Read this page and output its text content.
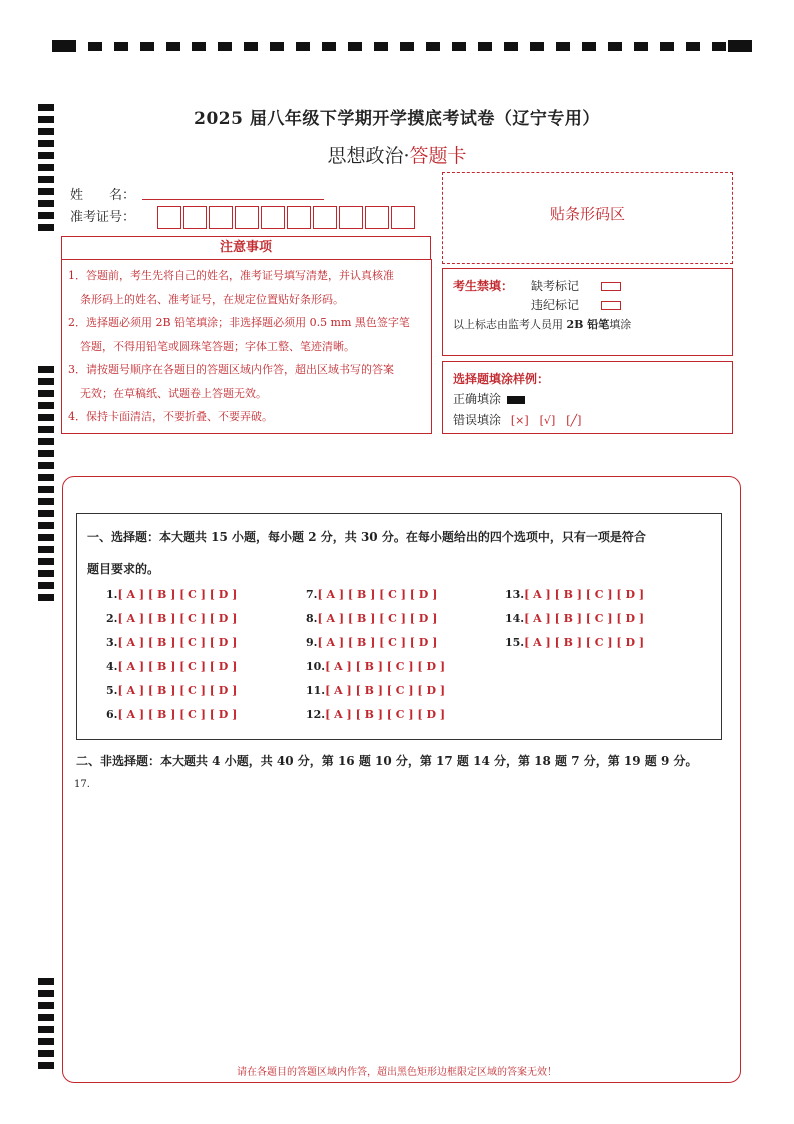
2025 届八年级下学期开学摸底考试卷（辽宁专用）
思想政治·答题卡
姓　　名：
准考证号：	贴条形码区
注意事项
1．答题前，考生先将自己的姓名，准考证号填写清楚，并认真核准
条形码上的姓名、准考证号，在规定位置贴好条形码。
2．选择题必须用 2B 铅笔填涂；非选择题必须用 0.5 mm 黑色签字笔
答题，不得用铅笔或圆珠笔答题；字体工整、笔迹清晰。
3．请按题号顺序在各题目的答题区域内作答，超出区域书写的答案
无效；在草稿纸、试题卷上答题无效。
4．保持卡面清洁，不要折叠、不要弄破。
考生禁填： 缺考标记
违纪标记
以上标志由监考人员用 2B 铅笔填涂
选择题填涂样例：
正确填涂
错误填涂 [×]　[√]　[╱]
一、选择题：本大题共 15 小题，每小题 2 分，共 30 分。在每小题给出的四个选项中，只有一项是符合
题目要求的。
1.[ A ] [ B ] [ C ] [ D ]
2.[ A ] [ B ] [ C ] [ D ]
3.[ A ] [ B ] [ C ] [ D ]
4.[ A ] [ B ] [ C ] [ D ]
5.[ A ] [ B ] [ C ] [ D ]
6.[ A ] [ B ] [ C ] [ D ]
7.[ A ] [ B ] [ C ] [ D ]
8.[ A ] [ B ] [ C ] [ D ]
9.[ A ] [ B ] [ C ] [ D ]
10.[ A ] [ B ] [ C ] [ D ]
11.[ A ] [ B ] [ C ] [ D ]
12.[ A ] [ B ] [ C ] [ D ]
13.[ A ] [ B ] [ C ] [ D ]
14.[ A ] [ B ] [ C ] [ D ]
15.[ A ] [ B ] [ C ] [ D ]
二、非选择题：本大题共 4 小题，共 40 分，第 16 题 10 分，第 17 题 14 分，第 18 题 7 分，第 19 题 9 分。
17.
请在各题目的答题区域内作答，超出黑色矩形边框限定区域的答案无效！
